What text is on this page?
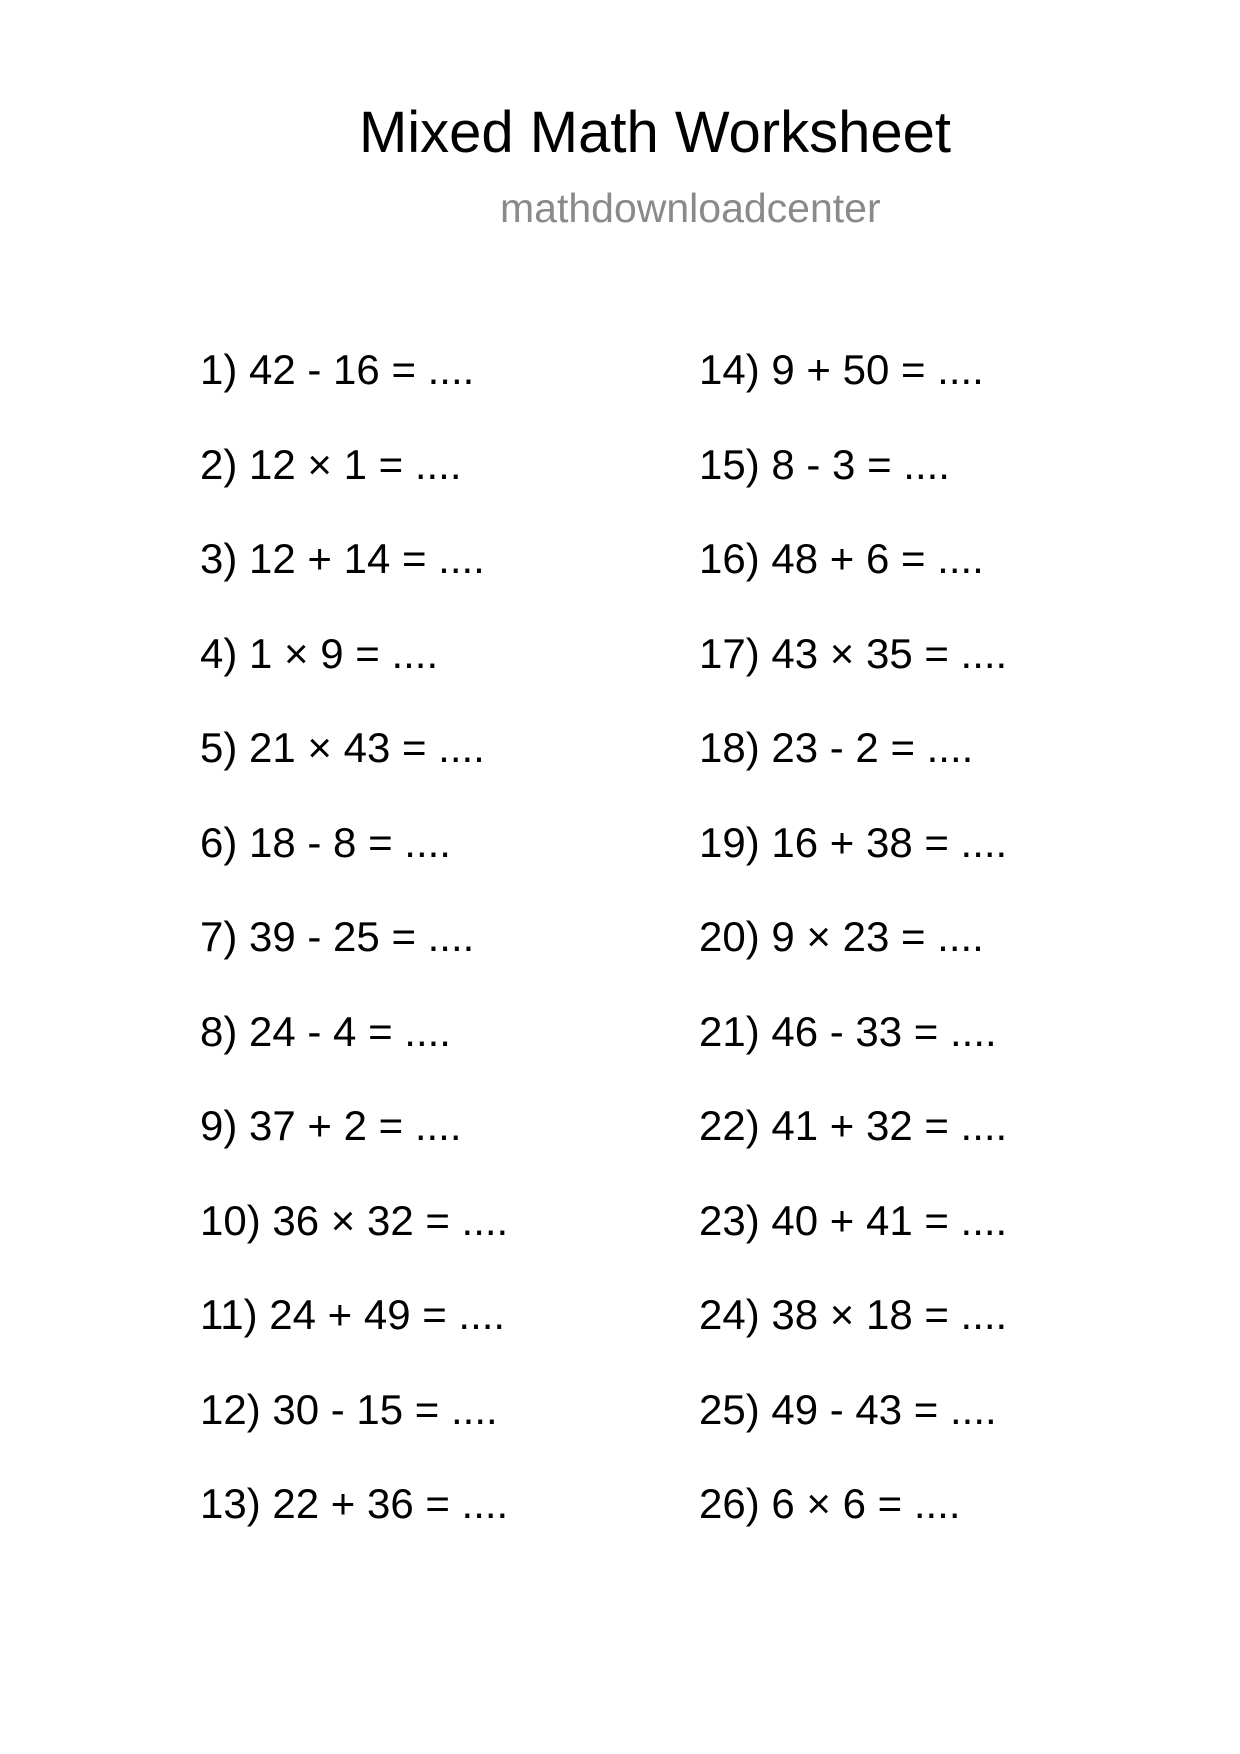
Mixed Math Worksheet
mathdownloadcenter
1) 42 - 16 = ....
2) 12 × 1 = ....
3) 12 + 14 = ....
4) 1 × 9 = ....
5) 21 × 43 = ....
6) 18 - 8 = ....
7) 39 - 25 = ....
8) 24 - 4 = ....
9) 37 + 2 = ....
10) 36 × 32 = ....
11) 24 + 49 = ....
12) 30 - 15 = ....
13) 22 + 36 = ....
14) 9 + 50 = ....
15) 8 - 3 = ....
16) 48 + 6 = ....
17) 43 × 35 = ....
18) 23 - 2 = ....
19) 16 + 38 = ....
20) 9 × 23 = ....
21) 46 - 33 = ....
22) 41 + 32 = ....
23) 40 + 41 = ....
24) 38 × 18 = ....
25) 49 - 43 = ....
26) 6 × 6 = ....
